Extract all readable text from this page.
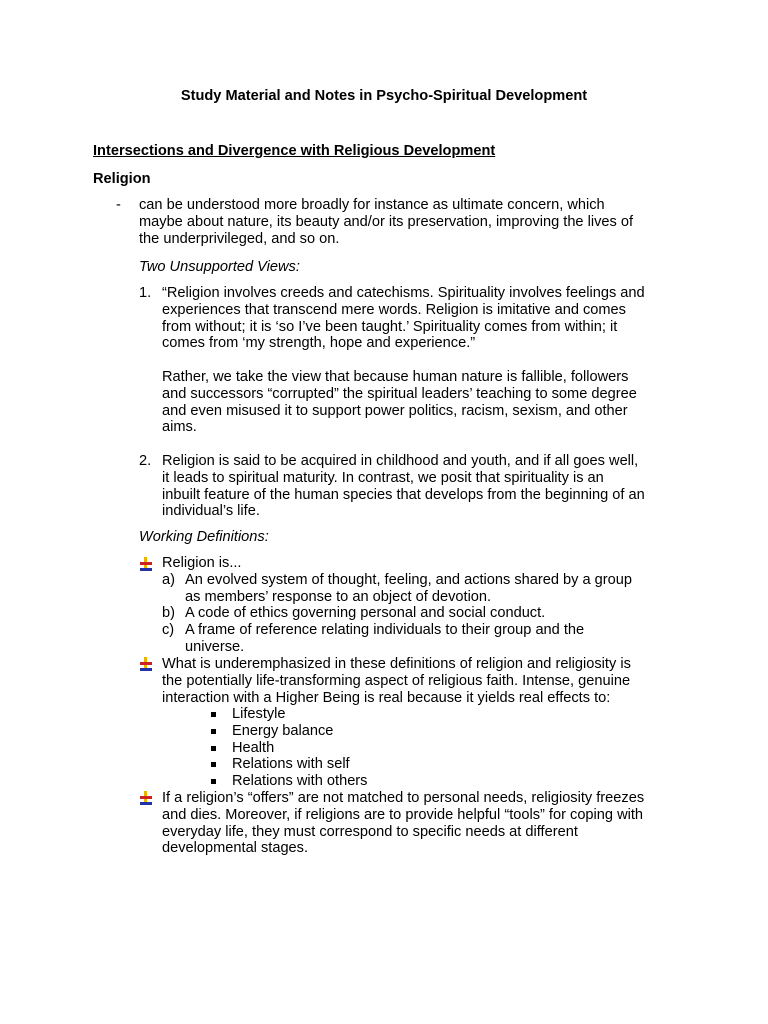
Study Material and Notes in Psycho-Spiritual Development
Intersections and Divergence with Religious Development
Religion
- can be understood more broadly for instance as ultimate concern, which
maybe about nature, its beauty and/or its preservation, improving the lives of
the underprivileged, and so on.
Two Unsupported Views:
1. “Religion involves creeds and catechisms. Spirituality involves feelings and
experiences that transcend mere words. Religion is imitative and comes
from without; it is ‘so I’ve been taught.’ Spirituality comes from within; it
comes from ‘my strength, hope and experience.”
Rather, we take the view that because human nature is fallible, followers
and successors “corrupted” the spiritual leaders’ teaching to some degree
and even misused it to support power politics, racism, sexism, and other
aims.
2. Religion is said to be acquired in childhood and youth, and if all goes well,
it leads to spiritual maturity. In contrast, we posit that spirituality is an
inbuilt feature of the human species that develops from the beginning of an
individual’s life.
Working Definitions:
Religion is...
a) An evolved system of thought, feeling, and actions shared by a group
as members’ response to an object of devotion.
b) A code of ethics governing personal and social conduct.
c) A frame of reference relating individuals to their group and the
universe.
What is underemphasized in these definitions of religion and religiosity is
the potentially life-transforming aspect of religious faith. Intense, genuine
interaction with a Higher Being is real because it yields real effects to:
Lifestyle
Energy balance
Health
Relations with self
Relations with others
If a religion’s “offers” are not matched to personal needs, religiosity freezes
and dies. Moreover, if religions are to provide helpful “tools” for coping with
everyday life, they must correspond to specific needs at different
developmental stages.
